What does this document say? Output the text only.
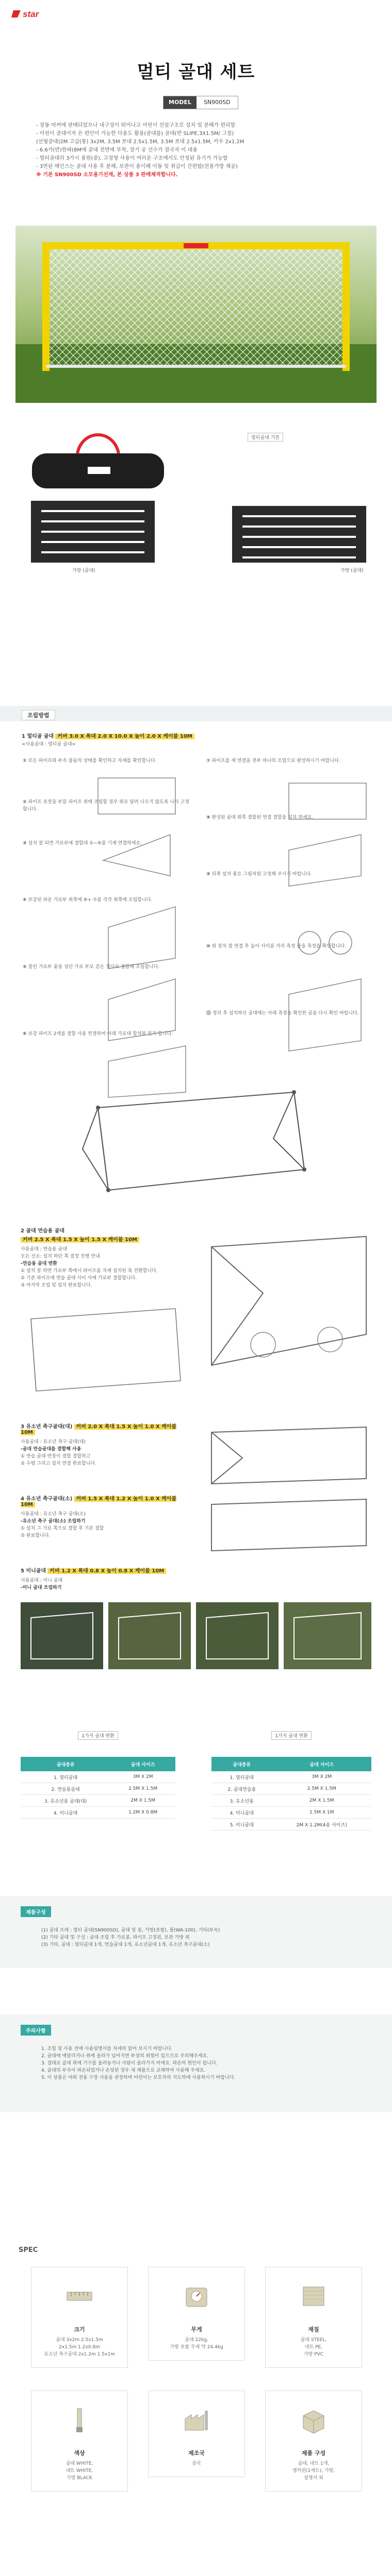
star
멀티 골대 세트
MODEL	SN900SD
- 장동 마커에 판매되었으나 내구성이 뛰어나고 어린이 선설구조로 설치 및 분해가 편리함
- 어린이 골대이자 은 편안이 가능한 다용도 활용(골대를) 골대(반 SLIPE,3X1.5M/ 그칠)
(선형골대)2M 고급(통) 3x2M, 3.5M 쪼대 2.5x1.5M, 3.5M 쪼대 2.5x1.5M, 카우 2x1.2M
- 6.6가(반)한파(8M에 골대 전면에 부착, 장기 공 선수가 결국자 이 대용
- 멀티골대의 3가시 용원(중), 고정형 사용이 여러운 구조에서도 안정된 유기가 가능함
- 3면된 메인스는 골대 사용 후 분해, 보관이 용이해 이동 및 취급이 간편합(전용가방 제공)
※ 기본 SN900SD 소모용기선재, 본 상품 3 판매체적합니다.
가방 (골대)
멀티골대 기본
가방 (골대)
조립방법
1 멀티골 골대 커버 3.0 X 폭대 2.0 X 10.0 X 높이 2.0 X 케이블 10M
<사용골대 : 멀티골 골대>
① 모든 파이프와 부속 품들의 상태를 확인하고 자재를 확인합니다.
② 파이프 포장을 부분 파이프 위에 조립할 경우 위로 달려 나오지 않도록 나사 고정합니다.
③ 설치 잘 되면 가로부에 결합대 ①~④를 기재 연결하세요.
④ 보강된 파운 가로부 위쪽에 ⑥+ ⑦를 각각 위쪽에 조립합니다.
⑤ 잘린 가로부 꽃을 상단 가로 부로 같은 경사로 결합해 조립합니다.
⑥ 보강 파이프 2개를 결합 사용 연결하여 아래 가로대 합치와 일가 합니다.
⑦ 파이프를 세 연결을 전부 하나의 조립으로 완성하시기 바랍니다.
⑧ 완성된 골대 위쪽 결합된 연결 결합을 설치 하세요.
⑨ 뒤쪽 설치 좋은 그림처럼 고정해 주시기 바랍니다.
⑩ 위 장치 잘 연결 후 높이 사이를 거리 측정 줄을 측정을 확인합니다.
⑪ 정리 후 설치하신 골대에는 아래 측정을 확인한 골을 다시 확인 바랍니다.
2 골대 연습용 골대
커버 2.5 X 폭대 1.5 X 높이 1.5 X 케이블 10M
사용골대 : 연습용 골대
모든 선소: 설치 하단 쪽 결정 진행 안내
-연습용 골대 변환
① 설치 잘 하면 가로부 쪽에서 파이프를 자재 설치된 폭 전환합니다.
② 기존 파이프에 연습 골대 사이 사에 가로부 결합합니다.
③ 마지막 조립 및 설치 완료합니다.
3 유소년 축구골대(대) 커버 2.0 X 폭대 1.5 X 높이 1.0 X 케이블 10M
사용골대 : 유소년 축구 골대(대)
-골대 연습골대를 결합해 사용
① 연습 골대 연장이 결합 결합하고
② 수평 그리고 설치 연결 완료합니다.
4 유소년 축구골대(소) 커버 1.5 X 폭대 1.2 X 높이 1.0 X 케이블 10M
사용골대 : 유소년 축구 골대(소)
-유소년 축구 골대(소) 조립하기
① 설치 그 가로 쪽으로 결합 후 기본 결합
② 완료합니다.
5 미니골대 커버 1.2 X 폭대 0.8 X 높이 0.8 X 케이블 10M
사용골대 : 미니 골대
-미니 골대 조립하기
1가지 골대 변환
골대종류	골대 사이즈
1. 멀티골대	3M X 2M
2. 연습용골대	2.5M X 1.5M
3. 유소년용 골대(대)	2M X 1.5M
4. 미니골대	1.2M X 0.8M
1가지 골대 변환
골대종류	골대 사이즈
1. 멀티골대	3M X 2M
2. 골대연습용	2.5M X 1.5M
3. 유소년용	2M X 1.5M
4. 미니골대	1.5M X 1M
5. 미니골대	2M X 1.2M(4용 사이즈)
제품구성
(1) 골대 프레 : 멀티 골대(SN900SD), 골대 및 봉, 가방(포함), 폴(WA-100), 기타(부속)
(2) 기타 골대 및 구성 : 골대 조립 후 가로봉, 파이프 고정핀, 보관 가방 외
(3) 기타, 골대 : 멀티골대 1개, 연습골대 1개, 유소년골대 1개, 유소년 축구골대(소)
주의사항
1. 조립 및 사용 전에 사용설명서를 자세히 읽어 보시기 바랍니다.
2. 골대에 매달리거나 위에 올라가 넘어지면 부상의 위험이 있으므로 주의해주세요.
3. 절대로 골대 위에 기구를 올려놓거나 사람이 올라가지 마세요. 파손의 원인이 됩니다.
4. 골대의 부속이 파손되었거나 손상된 경우 새 제품으로 교체하여 사용해 주세요.
5. 이 상품은 야외 전용 구장 사용을 권장하며 어린이는 보호자의 지도하에 사용하시기 바랍니다.
SPEC
크기
골대 3x2m 2.5x1.5m
2x1.5m 1.2x0.8m
유소년 축구골대 2x1.2m 1.5x1m
무게
골대 22kg,
가방 포함 무게 약 24.4kg
재질
골대 STEEL,
네트 PE,
가방 PVC
색상
골대 WHITE,
네트 WHITE,
가방 BLACK
제조국
중국
제품 구성
골대, 네트 1개,
앵커핀(1세트), 가방,
설명서 외
